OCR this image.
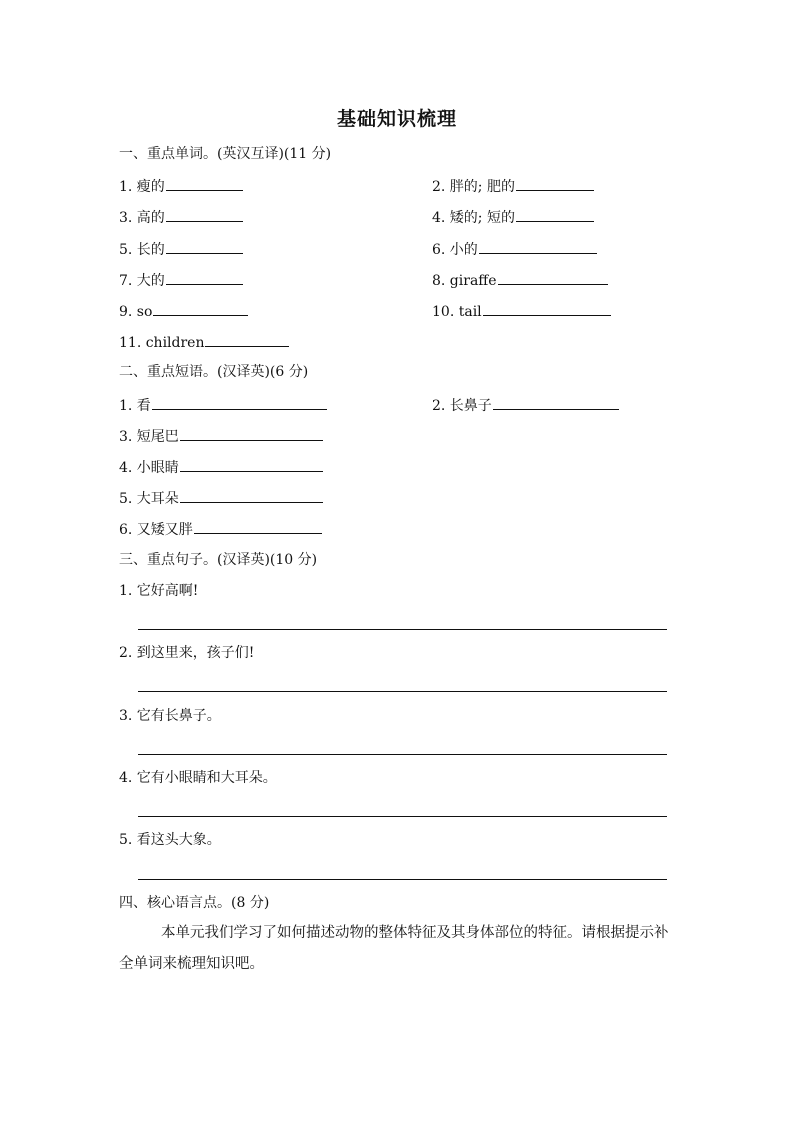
基础知识梳理
一、重点单词。(英汉互译)(11 分)
1. 瘦的	2. 胖的; 肥的
3. 高的	4. 矮的; 短的
5. 长的	6. 小的
7. 大的	8. giraffe
9. so	10. tail
11. children
二、重点短语。(汉译英)(6 分)
1. 看	2. 长鼻子
3. 短尾巴
4. 小眼睛
5. 大耳朵
6. 又矮又胖
三、重点句子。(汉译英)(10 分)
1. 它好高啊!
2. 到这里来，孩子们!
3. 它有长鼻子。
4. 它有小眼睛和大耳朵。
5. 看这头大象。
四、核心语言点。(8 分)
本单元我们学习了如何描述动物的整体特征及其身体部位的特征。请根据提示补全单词来梳理知识吧。
